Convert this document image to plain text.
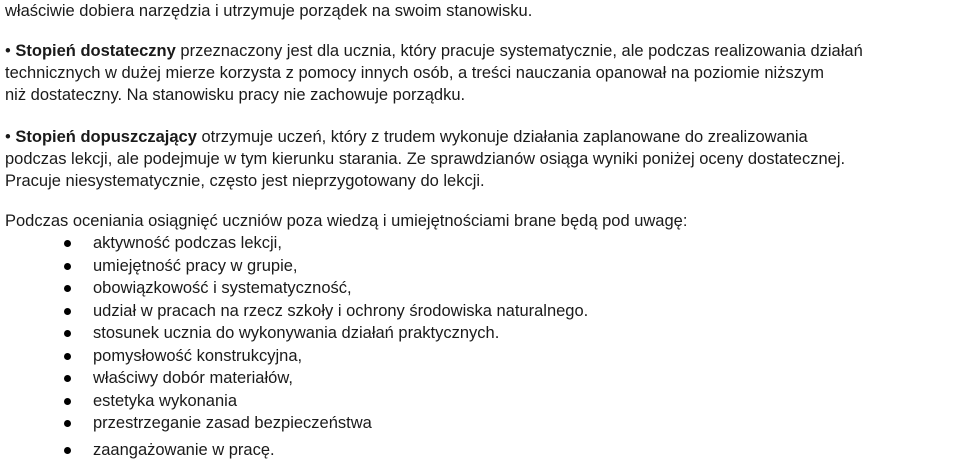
właściwie dobiera narzędzia i utrzymuje porządek na swoim stanowisku.
• Stopień dostateczny przeznaczony jest dla ucznia, który pracuje systematycznie, ale podczas realizowania działań
technicznych w dużej mierze korzysta z pomocy innych osób, a treści nauczania opanował na poziomie niższym
niż dostateczny. Na stanowisku pracy nie zachowuje porządku.
• Stopień dopuszczający otrzymuje uczeń, który z trudem wykonuje działania zaplanowane do zrealizowania
podczas lekcji, ale podejmuje w tym kierunku starania. Ze sprawdzianów osiąga wyniki poniżej oceny dostatecznej.
Pracuje niesystematycznie, często jest nieprzygotowany do lekcji.
Podczas oceniania osiągnięć uczniów poza wiedzą i umiejętnościami brane będą pod uwagę:
aktywność podczas lekcji,
umiejętność pracy w grupie,
obowiązkowość i systematyczność,
udział w pracach na rzecz szkoły i ochrony środowiska naturalnego.
stosunek ucznia do wykonywania działań praktycznych.
pomysłowość konstrukcyjna,
właściwy dobór materiałów,
estetyka wykonania
przestrzeganie zasad bezpieczeństwa
zaangażowanie w pracę.
